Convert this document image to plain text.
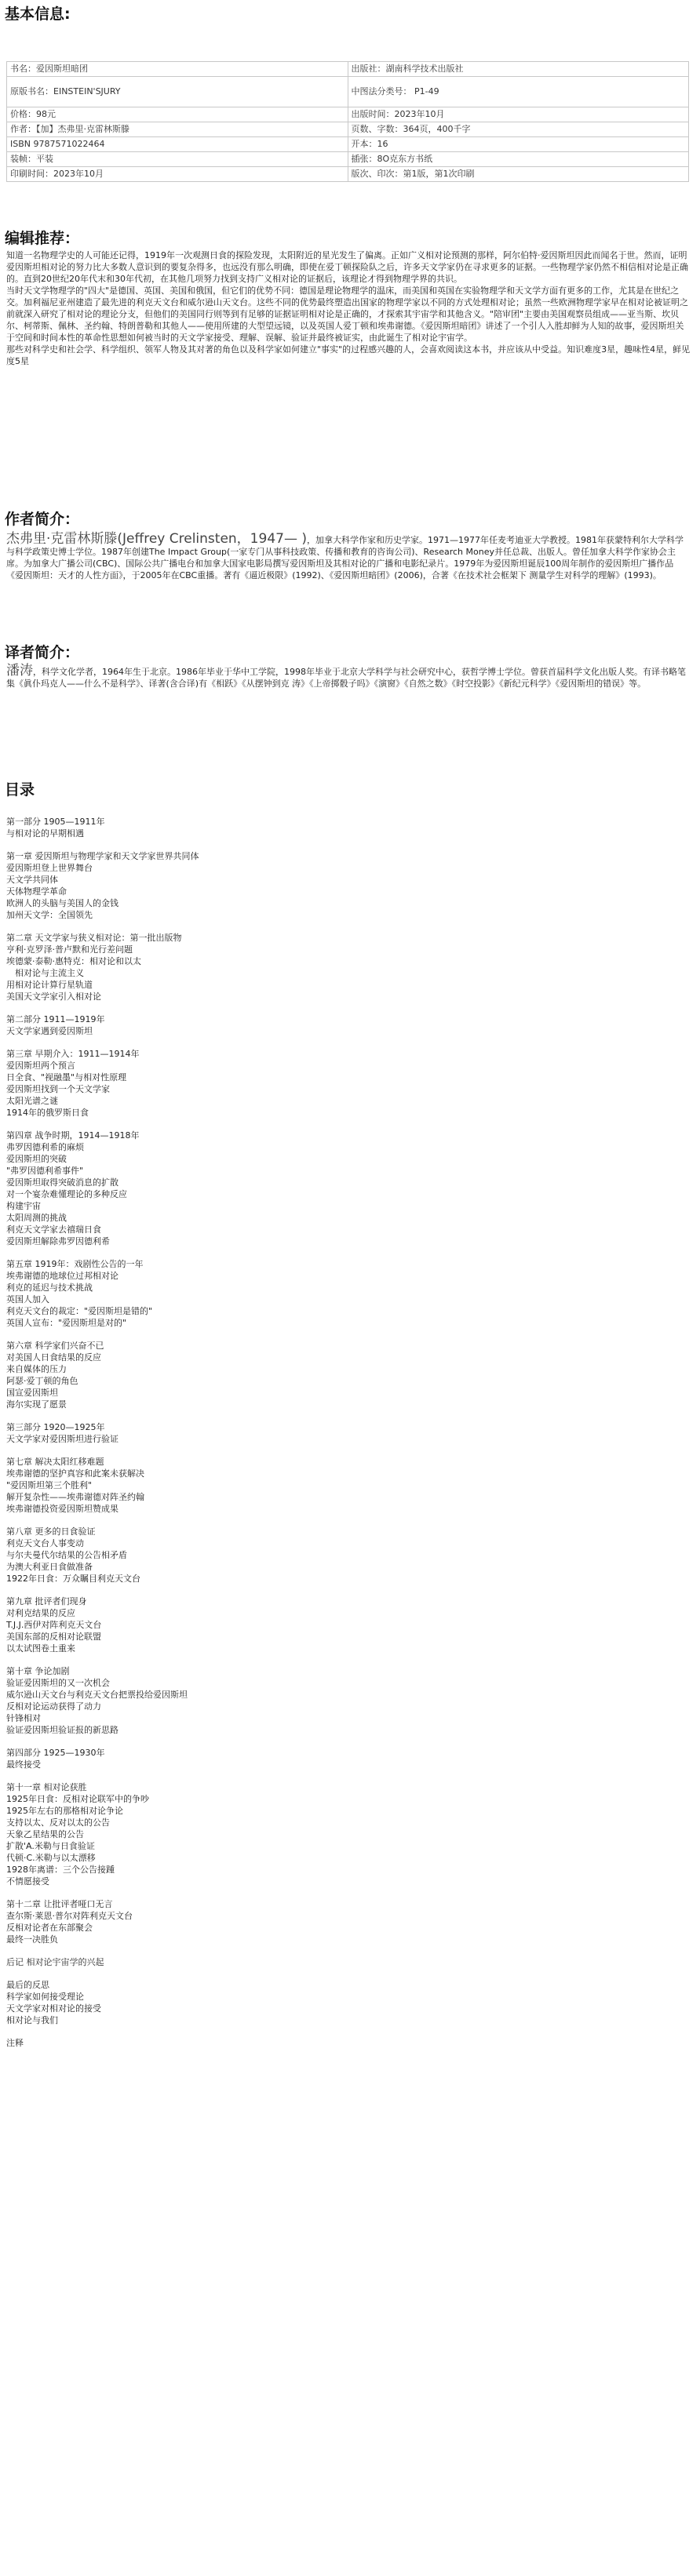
基本信息:
书名：爱因斯坦暗团	出版社：湖南科学技术出版社
原版书名：EINSTEIN'SJURY	中图法分类号： P1-49
价格：98元	出版时间：2023年10月
作者：【加】杰弗里·克雷林斯滕	页数、字数：364页，400千字
ISBN 9787571022464	开本：16
装帧：平装	插张：8O克东方书纸
印刷时间：2023年10月	版次、印次：第1版，第1次印刷
编辑推荐：

知道一名物理学史的人可能还记得，1919年一次观测日食的探险发现，太阳附近的星光发生了偏离。正如广义相对论预测的那样，阿尔伯特·爱因斯坦因此而闻名于世。然而，证明爱因斯坦相对论的努力比大多数人意识到的要复杂得多，也远没有那么明确，即使在爱丁顿探险队之后，许多天文学家仍在寻求更多的证据。一些物理学家仍然不相信相对论是正确的。直到20世纪20年代末和30年代初，在其他几项努力找到支持广义相对论的证据后，该理论才得到物理学界的共识。

当时天文学物理学的"四大"是德国、英国、美国和俄国，但它们的优势不同：德国是理论物理学的温床，而美国和英国在实验物理学和天文学方面有更多的工作，尤其是在世纪之交。加利福尼亚州建造了最先进的利克天文台和威尔逊山天文台。这些不同的优势最终塑造出国家的物理学家以不同的方式处理相对论；虽然一些欧洲物理学家早在相对论被证明之前就深入研究了相对论的理论分支，但他们的美国同行则等到有足够的证据证明相对论是正确的，才探索其宇宙学和其他含义。"陪审团"主要由美国观察员组成——亚当斯、坎贝尔、柯蒂斯、佩林、圣约翰、特朗普勒和其他人——使用所建的大型望远镜，以及英国人爱丁顿和埃弗谢德。《爱因斯坦暗团》讲述了一个引人入胜却鲜为人知的故事，爱因斯坦关于空间和时间本性的革命性思想如何被当时的天文学家接受、理解、误解、验证并最终被证实，由此诞生了相对论宇宙学。

那些对科学史和社会学、科学组织、领军人物及其对著的角色以及科学家如何建立"事实"的过程感兴趣的人，会喜欢阅读这本书，并应该从中受益。知识难度3星，趣味性4星，鲜见度5星

作者简介：
杰弗里·克雷林斯滕(Jeffrey Crelinsten，1947— )，加拿大科学作家和历史学家。1971—1977年任麦考迪亚大学教授。1981年获蒙特利尔大学科学与科学政策史博士学位。1987年创建The Impact Group(一家专门从事科技政策、传播和教育的咨询公司)、Research Money并任总裁、出版人。曾任加拿大科学作家协会主席。为加拿大广播公司(CBC)、国际公共广播电台和加拿大国家电影局撰写爱因斯坦及其相对论的广播和电影纪录片。1979年为爱因斯坦诞辰100周年制作的爱因斯坦广播作品《爱因斯坦：天才的人性方面》，于2005年在CBC重播。著有《逼近极限》(1992)、《爱因斯坦暗团》(2006)，合著《在技术社会框架下 测量学生对科学的理解》(1993)。
译者简介：
潘涛，科学文化学者，1964年生于北京。1986年毕业于华中工学院，1998年毕业于北京大学科学与社会研究中心，获哲学博士学位。曾获首届科学文化出版人奖。有译书略笔集《眞仆玛克人——什么不是科学》、译著(含合译)有《相跃》《从摆钟到克 涛》《上帝掷骰子吗》《演窗》《自然之数》《时空投影》《新纪元科学》《爱因斯坦的错误》等。
目录
第一部分 1905—1911年
与相对论的早期相遇
第一章 爱因斯坦与物理学家和天文学家世界共同体
爱因斯坦登上世界舞台
天文学共同体
天体物理学革命
欧洲人的头脑与美国人的金钱
加州天文学：全国领先
第二章 天文学家与狭义相对论：第一批出版物
亨利·克罗泽·普卢默和光行差问题
埃德蒙·泰勒·惠特克：相对论和以太
　相对论与主流主义
用相对论计算行星轨道
美国天文学家引入相对论
第二部分 1911—1919年
天文学家遇到爱因斯坦
第三章 早期介入：1911—1914年
爱因斯坦两个预言
日全食、"视融墨"与相对性原理
爱因斯坦找到一个天文学家
太阳光谱之谜
1914年的俄罗斯日食
第四章 战争时期，1914—1918年
弗罗因德利希的麻烦
爱因斯坦的突破
"弗罗因德利希事件"
爱因斯坦取得突破消息的扩散
对一个宴杂难懂理论的多种反应
构建宇宙
太阳周测的挑战
利克天文学家去禧瑞日食
爱因斯坦解除弗罗因德利希
第五章 1919年：戏剧性公告的一年
埃弗谢德的地球位过邦相对论
利克的延迟与技术挑战
英国人加入
利克天文台的裁定："爱因斯坦是错的"
英国人宣布："爱因斯坦是对的"
第六章 科学家们兴奋不已
对美国人日食结果的反应
来自媒体的压力
阿瑟·爱丁顿的角色
国宣爱因斯坦
海尔实现了愿景
第三部分 1920—1925年
天文学家对爱因斯坦进行验证
第七章 解决太阳红移难题
埃弗谢德的坚护真容和此案未获解决
"爱因斯坦第三个胜利"
解开复杂性——埃弗谢德对阵圣约翰
埃弗谢德投资爱因斯坦赞成果
第八章 更多的日食验证
利克天文台人事变动
与尔夫曼代尔结果的公告相矛盾
为澳大利亚日食做准备
1922年日食：万众瞩目利克天文台
第九章 批评者们现身
对利克结果的反应
T.J.J.西伊对阵利克天文台
美国东部的反相对论联盟
以太试图卷土重来
第十章 争论加剧
验证爱因斯坦的又一次机会
威尔逊山天文台与利克天文台把票投给爱因斯坦
反相对论运动获得了动力
针锋相对
验证爱因斯坦验证报的新思路
第四部分 1925—1930年
最终接受
第十一章 相对论获胜
1925年日食：反相对论联军中的争吵
1925年左右的那格相对论争论
支持以太、反对以太的公告
天象乙星结果的公告
扩散'A.米勒与日食验证
代顿·C.米勒与以太漂移
1928年离谱：三个公告接踵
不情愿接受
第十二章 让批评者哑口无言
查尔斯·莱恩·普尔对阵利克天文台
反相对论者在东部聚会
最终一决胜负
后记 相对论宇宙学的兴起
最后的反思
科学家如何接受理论
天文学家对相对论的接受
相对论与我们
注释
